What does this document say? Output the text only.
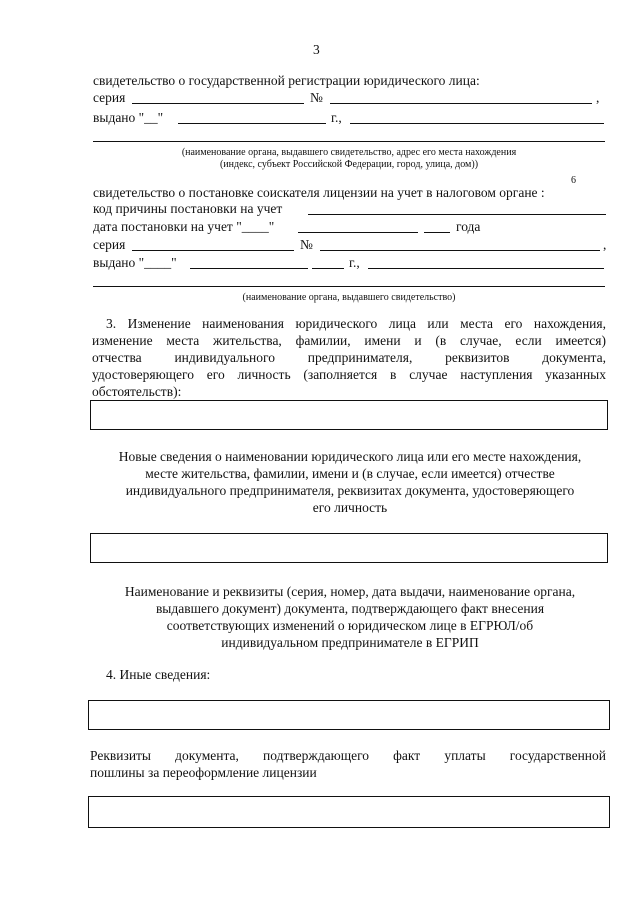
3
свидетельство о государственной регистрации юридического лица:
серия	№	,
выдано "__"	г.,
(наименование органа, выдавшего свидетельство, адрес его места нахождения
(индекс, субъект Российской Федерации, город, улица, дом))
6
свидетельство о постановке соискателя лицензии на учет в налоговом органе :
код причины постановки на учет
дата постановки на учет "____"	года
серия	№	,
выдано "____"	г.,
(наименование органа, выдавшего свидетельство)
3. Изменение наименования юридического лица или места его нахождения,
изменение места жительства, фамилии, имени и (в случае, если имеется)
отчества индивидуального предпринимателя, реквизитов документа,
удостоверяющего его личность (заполняется в случае наступления указанных
обстоятельств):
Новые сведения о наименовании юридического лица или его месте нахождения,
месте жительства, фамилии, имени и (в случае, если имеется) отчестве
индивидуального предпринимателя, реквизитах документа, удостоверяющего
его личность
Наименование и реквизиты (серия, номер, дата выдачи, наименование органа,
выдавшего документ) документа, подтверждающего факт внесения
соответствующих изменений о юридическом лице в ЕГРЮЛ/об
индивидуальном предпринимателе в ЕГРИП
4. Иные сведения:
Реквизиты документа, подтверждающего факт уплаты государственной
пошлины за переоформление лицензии
